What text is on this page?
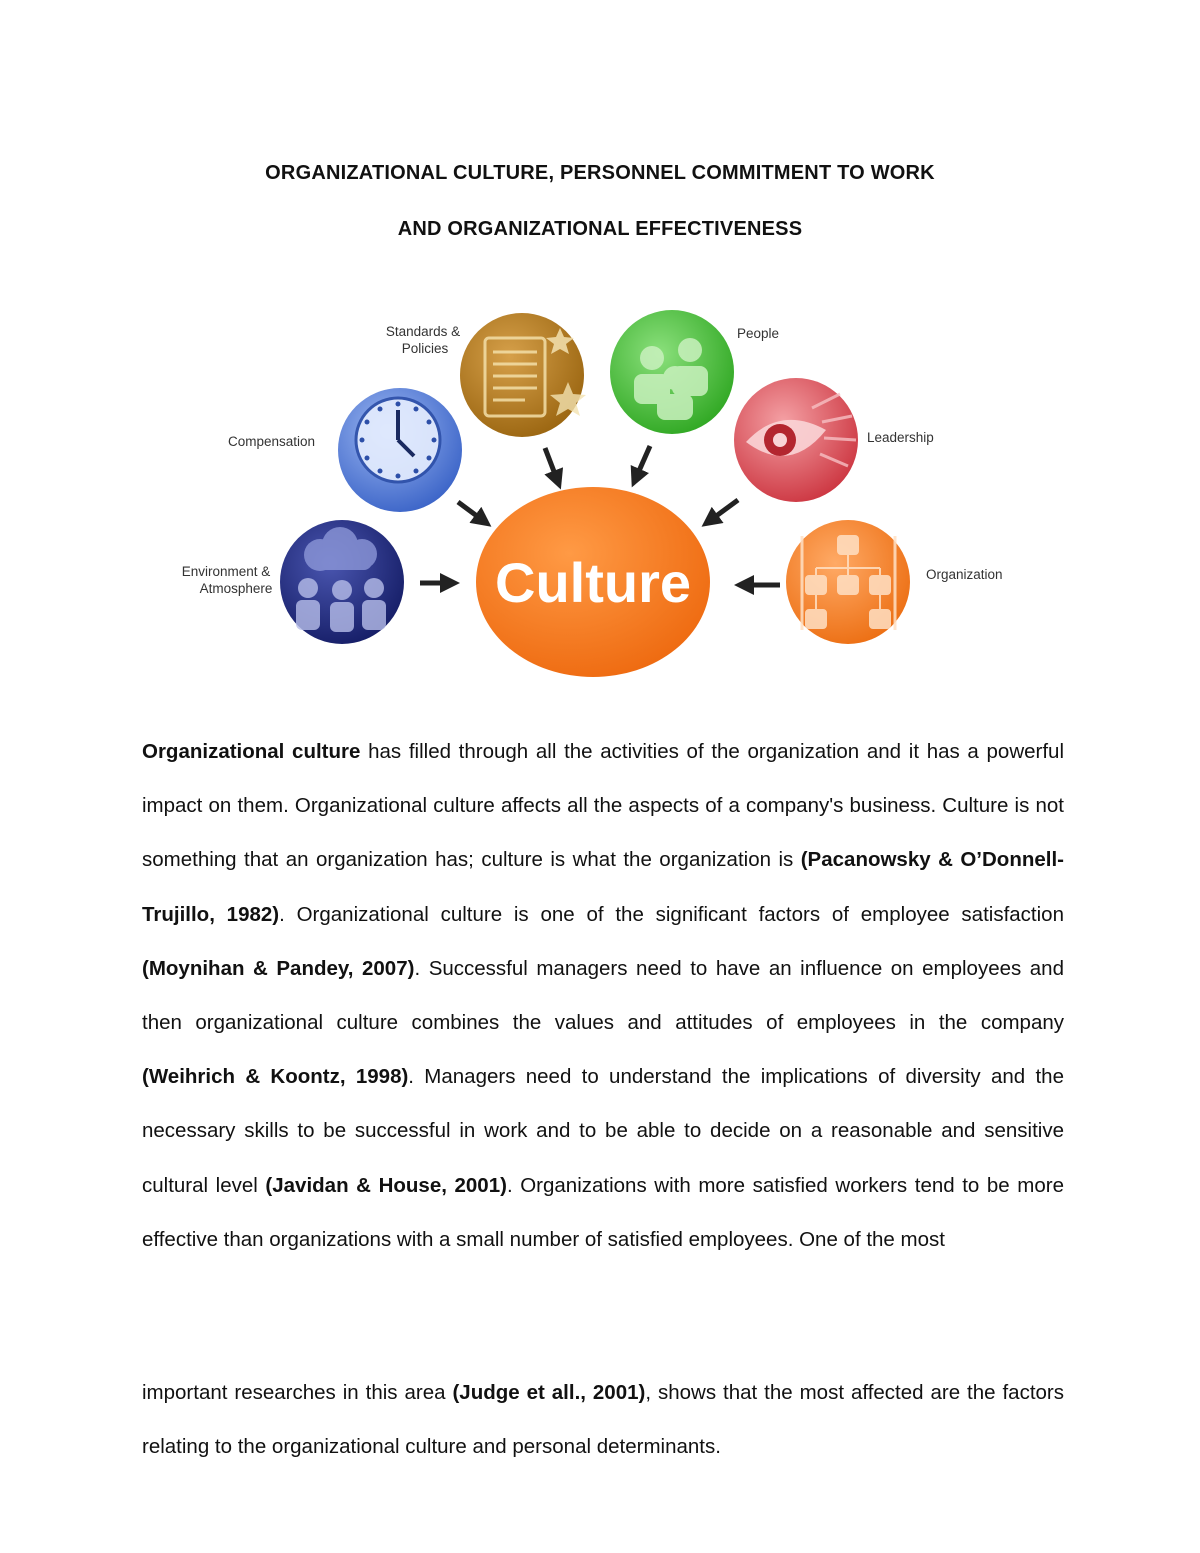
ORGANIZATIONAL CULTURE, PERSONNEL COMMITMENT TO WORK
AND ORGANIZATIONAL EFFECTIVENESS
Culture
Standards &
Policies
People
Compensation	Leadership
Environment &
Atmosphere
Organization

Organizational culture has filled through all the activities of the organization and it has a powerful impact on them. Organizational culture affects all the aspects of a company's business. Culture is not something that an organization has; culture is what the organization is (Pacanowsky & O’Donnell-Trujillo, 1982). Organizational culture is one of the significant factors of employee satisfaction (Moynihan & Pandey, 2007). Successful managers need to have an influence on employees and then organizational culture combines the values and attitudes of employees in the company (Weihrich & Koontz, 1998). Managers need to understand the implications of diversity and the necessary skills to be successful in work and to be able to decide on a reasonable and sensitive cultural level (Javidan & House, 2001). Organizations with more satisfied workers tend to be more effective than organizations with a small number of satisfied employees. One of the most

important researches in this area (Judge et all., 2001), shows that the most affected are the factors relating to the organizational culture and personal determinants.
